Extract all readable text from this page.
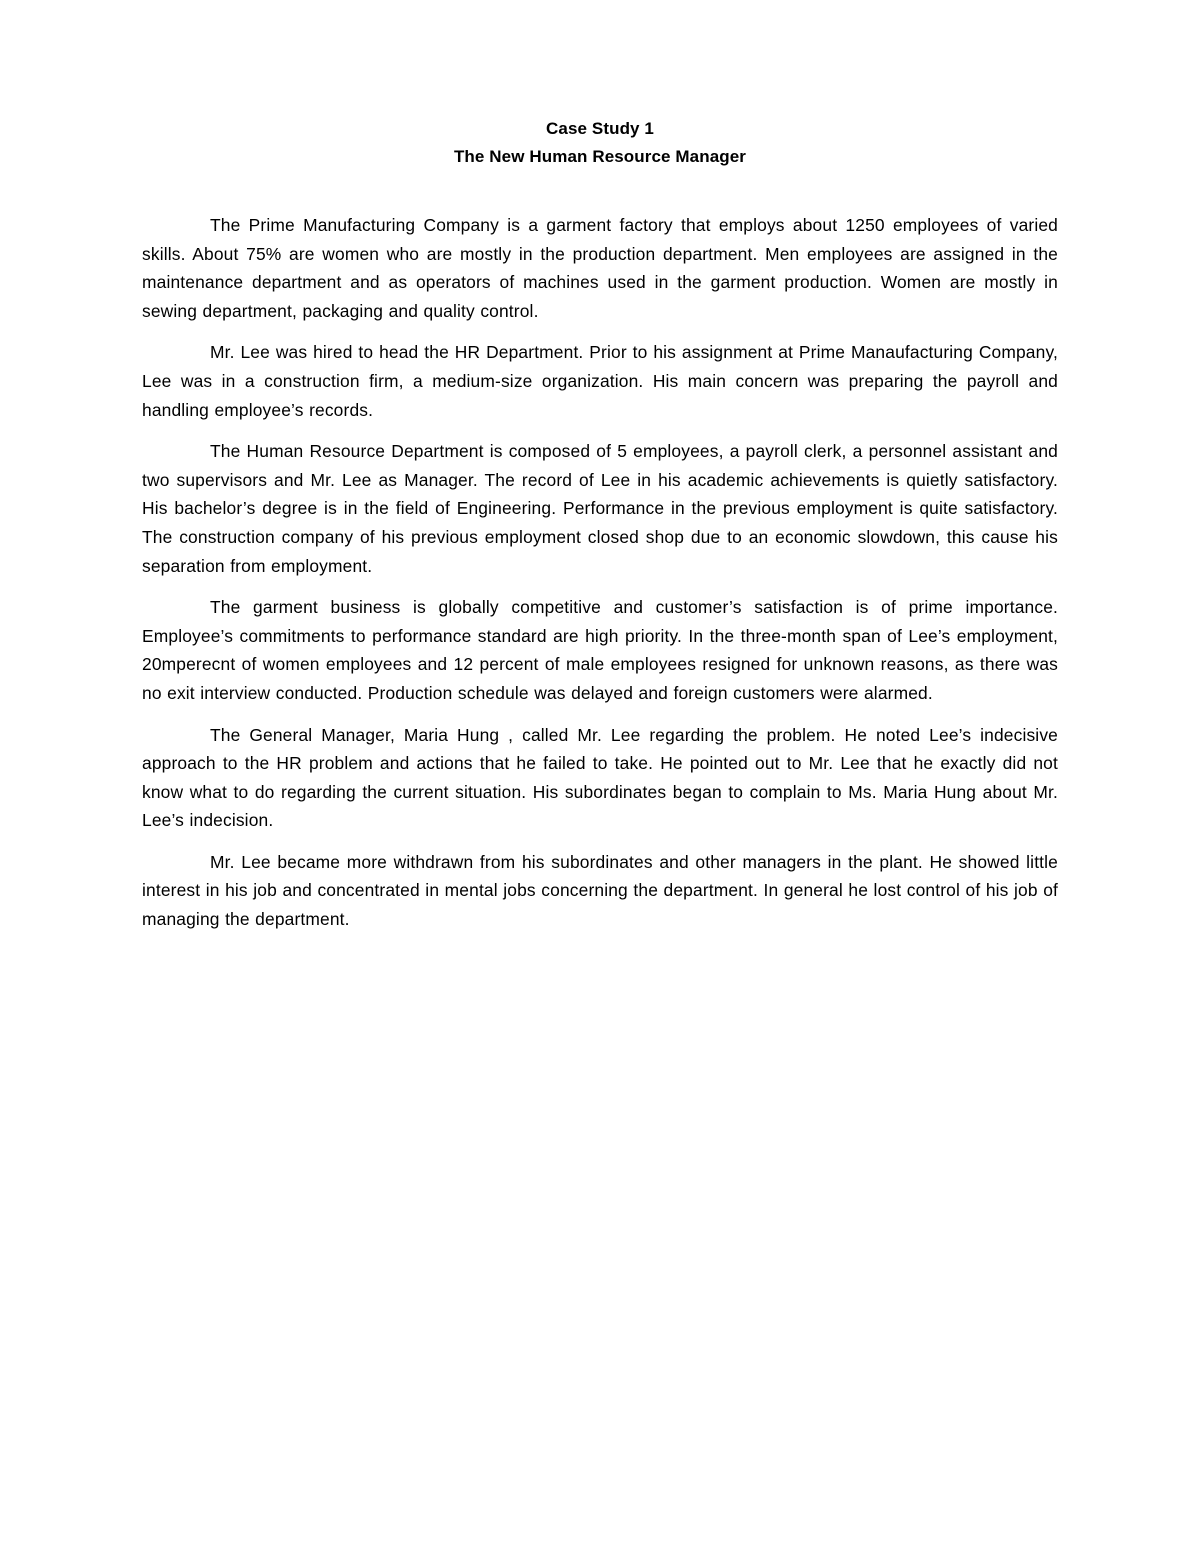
Case Study 1
The New Human Resource Manager

The Prime Manufacturing Company is a garment factory that employs about 1250 employees of varied skills. About 75% are women who are mostly in the production department. Men employees are assigned in the maintenance department and as operators of machines used in the garment production. Women are mostly in sewing department, packaging and quality control.

Mr. Lee was hired to head the HR Department. Prior to his assignment at Prime Manaufacturing Company, Lee was in a construction firm, a medium-size organization. His main concern was preparing the payroll and handling employee’s records.

The Human Resource Department is composed of 5 employees, a payroll clerk, a personnel assistant and two supervisors and Mr. Lee as Manager. The record of Lee in his academic achievements is quietly satisfactory. His bachelor’s degree is in the field of Engineering. Performance in the previous employment is quite satisfactory. The construction company of his previous employment closed shop due to an economic slowdown, this cause his separation from employment.

The garment business is globally competitive and customer’s satisfaction is of prime importance. Employee’s commitments to performance standard are high priority. In the three-month span of Lee’s employment, 20mperecnt of women employees and 12 percent of male employees resigned for unknown reasons, as there was no exit interview conducted. Production schedule was delayed and foreign customers were alarmed.

The General Manager, Maria Hung , called Mr. Lee regarding the problem. He noted Lee’s indecisive approach to the HR problem and actions that he failed to take. He pointed out to Mr. Lee that he exactly did not know what to do regarding the current situation. His subordinates began to complain to Ms. Maria Hung about Mr. Lee’s indecision.

Mr. Lee became more withdrawn from his subordinates and other managers in the plant. He showed little interest in his job and concentrated in mental jobs concerning the department. In general he lost control of his job of managing the department.
